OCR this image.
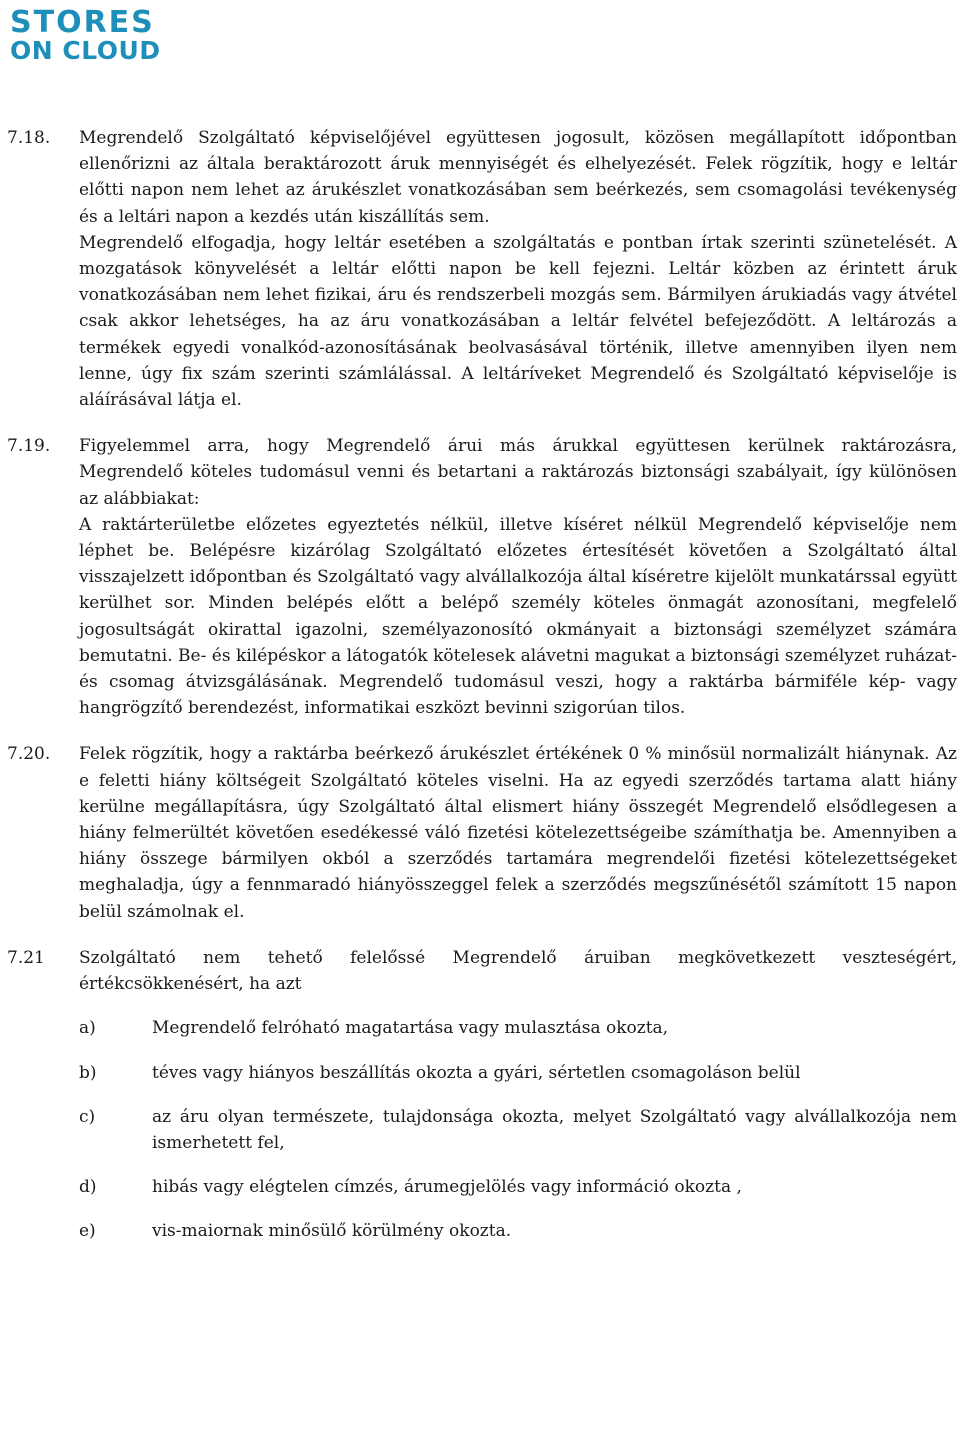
STORES
ON CLOUD
7.18.	Megrendelő Szolgáltató képviselőjével együttesen jogosult, közösen megállapított időpontban ellenőrizni az általa beraktározott áruk mennyiségét és elhelyezését. Felek rögzítik, hogy e leltár előtti napon nem lehet az árukészlet vonatkozásában sem beérkezés, sem csomagolási tevékenység és a leltári napon a kezdés után kiszállítás sem.

Megrendelő elfogadja, hogy leltár esetében a szolgáltatás e pontban írtak szerinti szünetelését. A mozgatások könyvelését a leltár előtti napon be kell fejezni. Leltár közben az érintett áruk vonatkozásában nem lehet fizikai, áru és rendszerbeli mozgás sem. Bármilyen árukiadás vagy átvétel csak akkor lehetséges, ha az áru vonatkozásában a leltár felvétel befejeződött. A leltározás a termékek egyedi vonalkód-azonosításának beolvasásával történik, illetve amennyiben ilyen nem lenne, úgy fix szám szerinti számlálással. A leltáríveket Megrendelő és Szolgáltató képviselője is aláírásával látja el.

7.19.	Figyelemmel arra, hogy Megrendelő árui más árukkal együttesen kerülnek raktározásra, Megrendelő köteles tudomásul venni és betartani a raktározás biztonsági szabályait, így különösen az alábbiakat:

A raktárterületbe előzetes egyeztetés nélkül, illetve kíséret nélkül Megrendelő képviselője nem léphet be. Belépésre kizárólag Szolgáltató előzetes értesítését követően a Szolgáltató által visszajelzett időpontban és Szolgáltató vagy alvállalkozója által kíséretre kijelölt munkatárssal együtt kerülhet sor. Minden belépés előtt a belépő személy köteles önmagát azonosítani, megfelelő jogosultságát okirattal igazolni, személyazonosító okmányait a biztonsági személyzet számára bemutatni. Be- és kilépéskor a látogatók kötelesek alávetni magukat a biztonsági személyzet ruházat- és csomag átvizsgálásának. Megrendelő tudomásul veszi, hogy a raktárba bármiféle kép- vagy hangrögzítő berendezést, informatikai eszközt bevinni szigorúan tilos.

7.20.	Felek rögzítik, hogy a raktárba beérkező árukészlet értékének 0 % minősül normalizált hiánynak. Az e feletti hiány költségeit Szolgáltató köteles viselni. Ha az egyedi szerződés tartama alatt hiány kerülne megállapításra, úgy Szolgáltató által elismert hiány összegét Megrendelő elsődlegesen a hiány felmerültét követően esedékessé váló fizetési kötelezettségeibe számíthatja be. Amennyiben a hiány összege bármilyen okból a szerződés tartamára megrendelői fizetési kötelezettségeket meghaladja, úgy a fennmaradó hiányösszeggel felek a szerződés megszűnésétől számított 15 napon belül számolnak el.

7.21	Szolgáltató nem tehető felelőssé Megrendelő áruiban megkövetkezett veszteségért, értékcsökkenésért, ha azt

a)	Megrendelő felróható magatartása vagy mulasztása okozta,
b)	téves vagy hiányos beszállítás okozta a gyári, sértetlen csomagoláson belül
c)	az áru olyan természete, tulajdonsága okozta, melyet Szolgáltató vagy alvállalkozója nem ismerhetett fel,
d)	hibás vagy elégtelen címzés, árumegjelölés vagy információ okozta ,
e)	vis-maiornak minősülő körülmény okozta.
